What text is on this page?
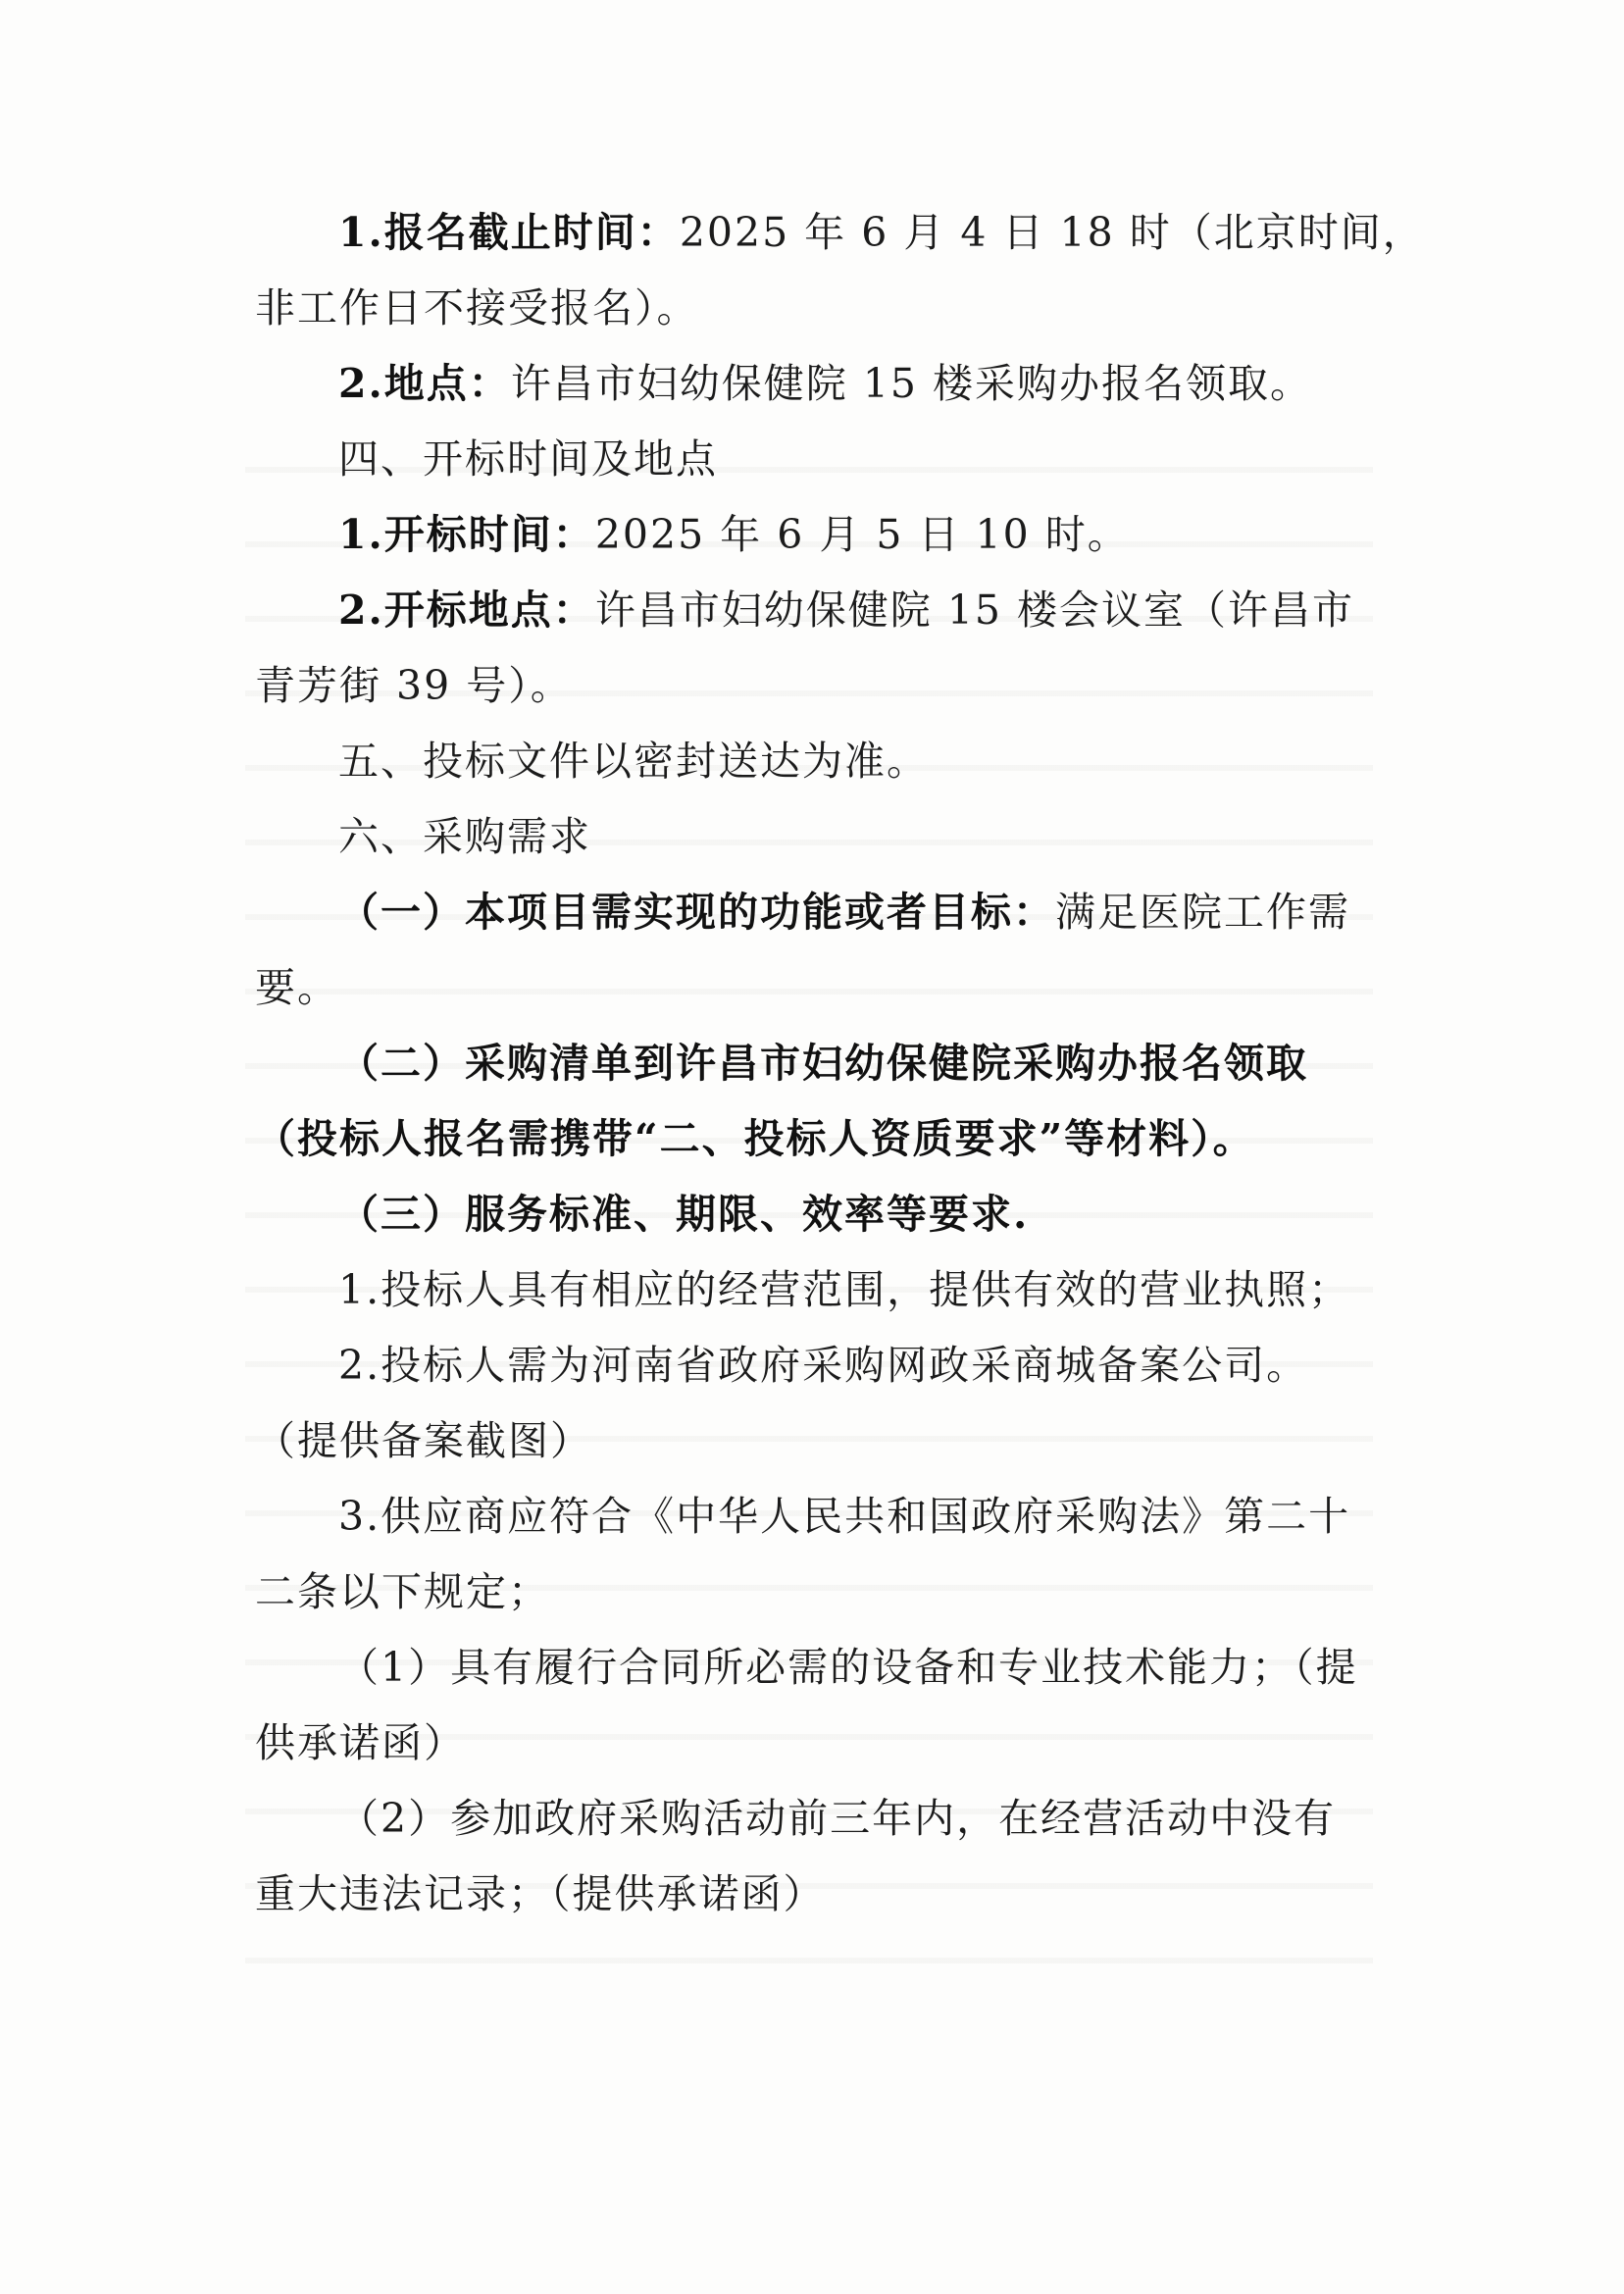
1.报名截止时间：2025 年 6 月 4 日 18 时（北京时间，
非工作日不接受报名）。
2.地点：许昌市妇幼保健院 15 楼采购办报名领取。
四、开标时间及地点
1.开标时间：2025 年 6 月 5 日 10 时。
2.开标地点：许昌市妇幼保健院 15 楼会议室（许昌市
青芳街 39 号）。
五、投标文件以密封送达为准。
六、采购需求
（一）本项目需实现的功能或者目标：满足医院工作需
要。
（二）采购清单到许昌市妇幼保健院采购办报名领取
（投标人报名需携带“二、投标人资质要求”等材料）。
（三）服务标准、期限、效率等要求.
1.投标人具有相应的经营范围，提供有效的营业执照；
2.投标人需为河南省政府采购网政采商城备案公司。
（提供备案截图）
3.供应商应符合《中华人民共和国政府采购法》第二十
二条以下规定；
（1）具有履行合同所必需的设备和专业技术能力；（提
供承诺函）
（2）参加政府采购活动前三年内，在经营活动中没有
重大违法记录；（提供承诺函）
